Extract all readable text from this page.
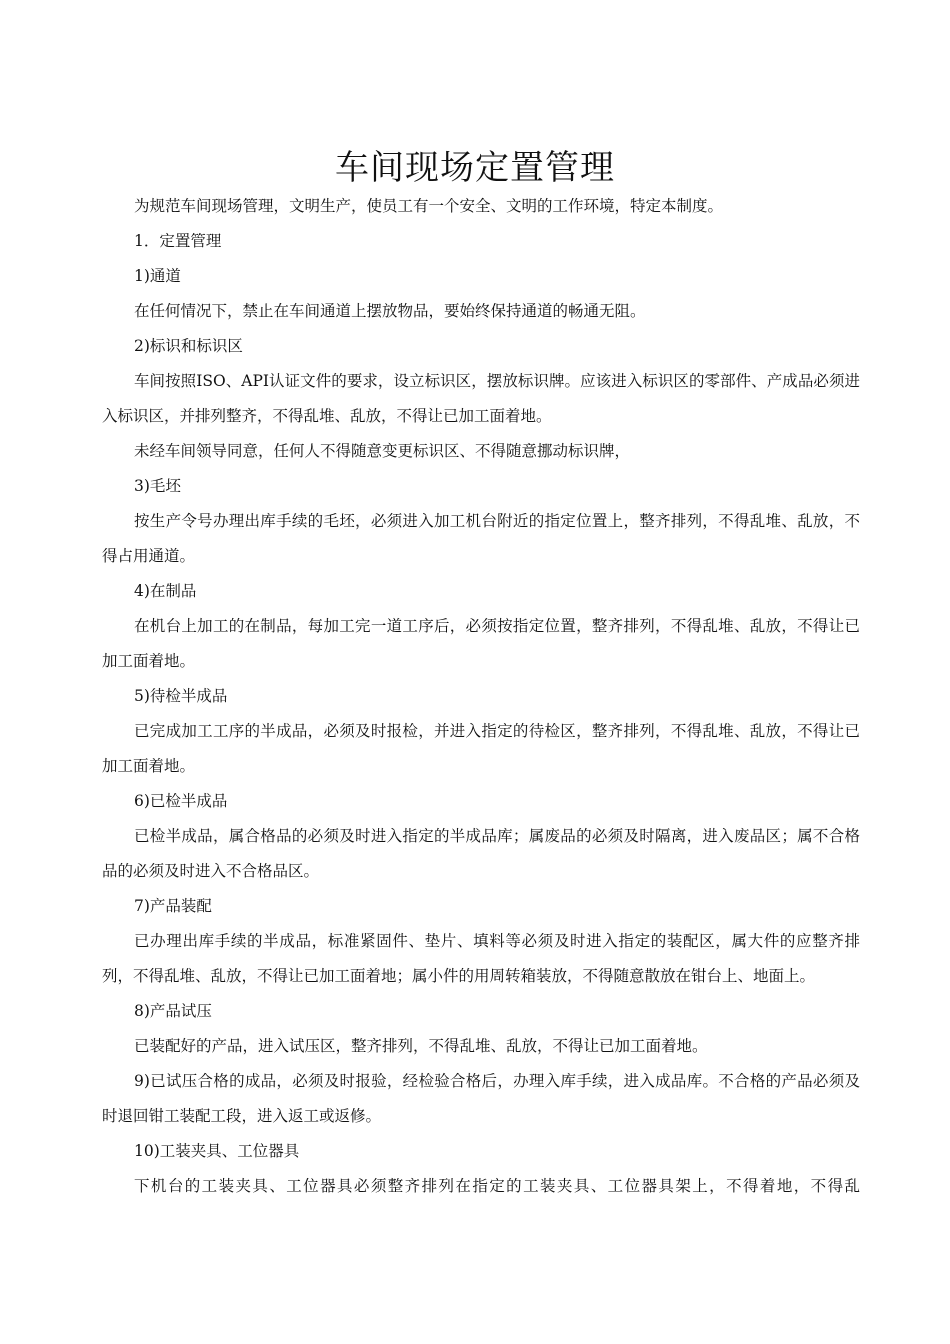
车间现场定置管理

为规范车间现场管理，文明生产，使员工有一个安全、文明的工作环境，特定本制度。

1．定置管理

1)通道

在任何情况下，禁止在车间通道上摆放物品，要始终保持通道的畅通无阻。

2)标识和标识区

车间按照ISO、API认证文件的要求，设立标识区，摆放标识牌。应该进入标识区的零部件、产成品必须进入标识区，并排列整齐，不得乱堆、乱放，不得让已加工面着地。

未经车间领导同意，任何人不得随意变更标识区、不得随意挪动标识牌，

3)毛坯

按生产令号办理出库手续的毛坯，必须进入加工机台附近的指定位置上，整齐排列，不得乱堆、乱放，不得占用通道。

4)在制品

在机台上加工的在制品，每加工完一道工序后，必须按指定位置，整齐排列，不得乱堆、乱放，不得让已加工面着地。

5)待检半成品

已完成加工工序的半成品，必须及时报检，并进入指定的待检区，整齐排列，不得乱堆、乱放，不得让已加工面着地。

6)已检半成品

已检半成品，属合格品的必须及时进入指定的半成品库；属废品的必须及时隔离，进入废品区；属不合格品的必须及时进入不合格品区。

7)产品装配

已办理出库手续的半成品，标准紧固件、垫片、填料等必须及时进入指定的装配区，属大件的应整齐排列，不得乱堆、乱放，不得让已加工面着地；属小件的用周转箱装放，不得随意散放在钳台上、地面上。

8)产品试压

已装配好的产品，进入试压区，整齐排列，不得乱堆、乱放，不得让已加工面着地。

9)已试压合格的成品，必须及时报验，经检验合格后，办理入库手续，进入成品库。不合格的产品必须及时退回钳工装配工段，进入返工或返修。

10)工装夹具、工位器具

下机台的工装夹具、工位器具必须整齐排列在指定的工装夹具、工位器具架上，不得着地，不得乱
